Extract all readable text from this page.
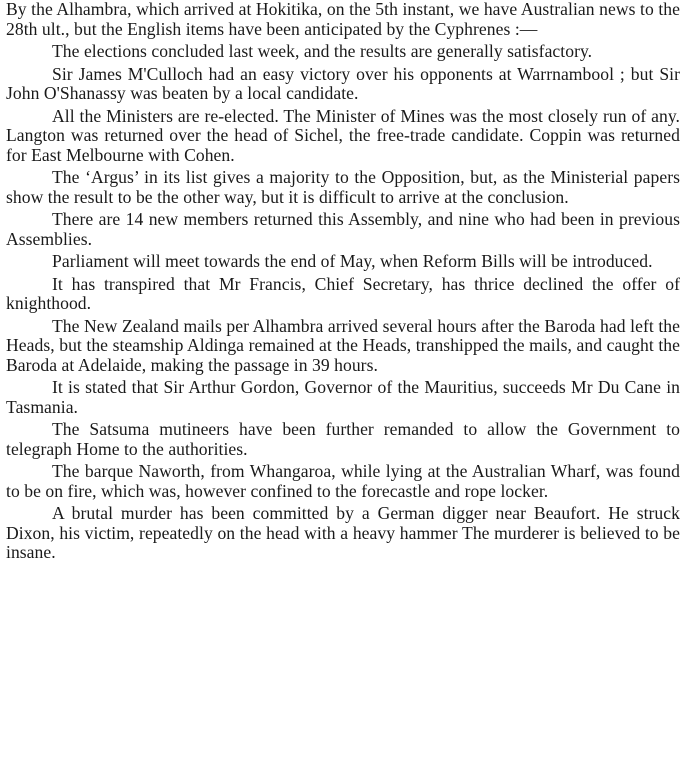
By the Alhambra, which arrived at Hokitika, on the 5th instant, we have Australian news to the 28th ult., but the English items have been anticipated by the Cyphrenes :—

The elections concluded last week, and the results are generally satisfactory.

Sir James M'Culloch had an easy victory over his opponents at Warrnambool ; but Sir John O'Shanassy was beaten by a local candidate.

All the Ministers are re-elected. The Minister of Mines was the most closely run of any. Langton was returned over the head of Sichel, the free-trade candidate. Coppin was returned for East Melbourne with Cohen.

The ‘Argus’ in its list gives a majority to the Opposition, but, as the Ministerial papers show the result to be the other way, but it is difficult to arrive at the conclusion.

There are 14 new members returned this Assembly, and nine who had been in previous Assemblies.

Parliament will meet towards the end of May, when Reform Bills will be introduced.

It has transpired that Mr Francis, Chief Secretary, has thrice declined the offer of knighthood.

The New Zealand mails per Alhambra arrived several hours after the Baroda had left the Heads, but the steamship Aldinga remained at the Heads, transhipped the mails, and caught the Baroda at Adelaide, making the passage in 39 hours.

It is stated that Sir Arthur Gordon, Governor of the Mauritius, succeeds Mr Du Cane in Tasmania.

The Satsuma mutineers have been further remanded to allow the Government to telegraph Home to the authorities.

The barque Naworth, from Whangaroa, while lying at the Australian Wharf, was found to be on fire, which was, however confined to the forecastle and rope locker.

A brutal murder has been committed by a German digger near Beaufort. He struck Dixon, his victim, repeatedly on the head with a heavy hammer The murderer is believed to be insane.
